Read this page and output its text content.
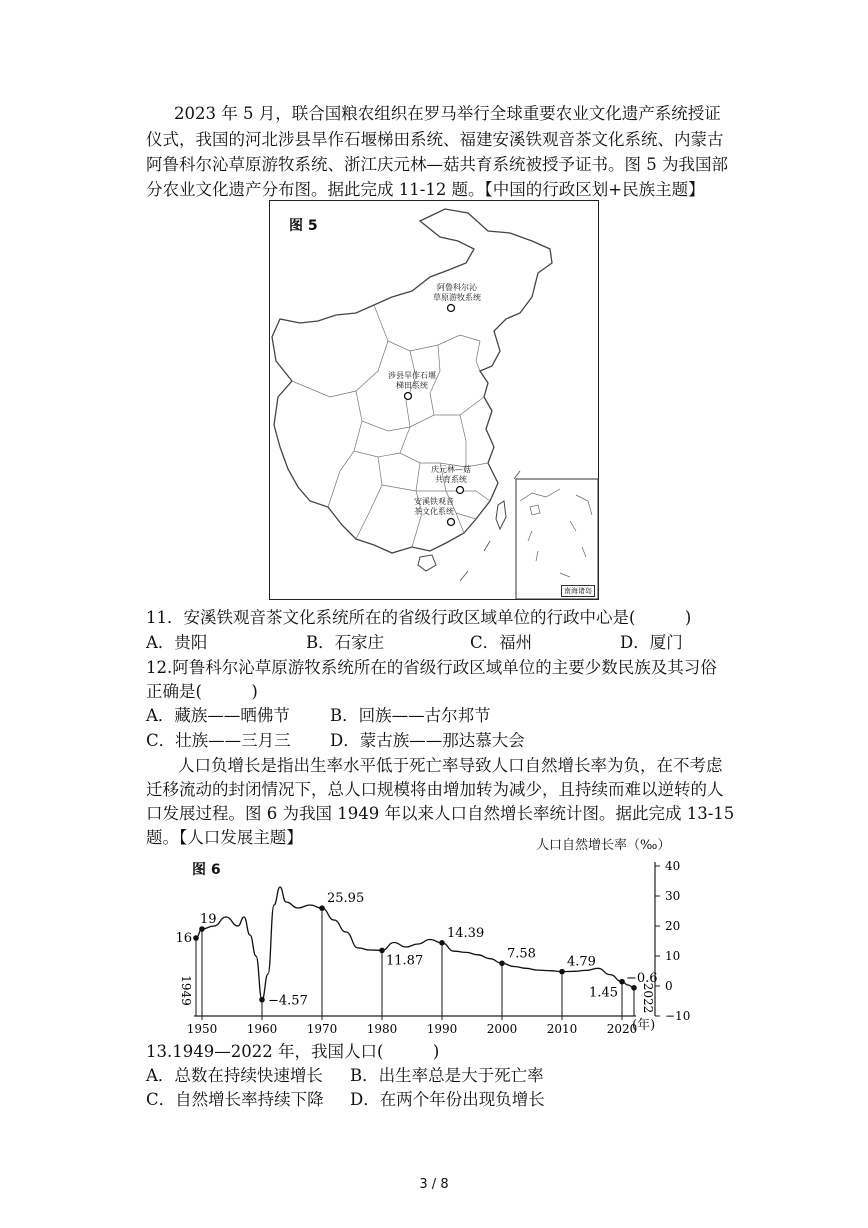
2023 年 5 月，联合国粮农组织在罗马举行全球重要农业文化遗产系统授证
仪式，我国的河北涉县旱作石堰梯田系统、福建安溪铁观音茶文化系统、内蒙古
阿鲁科尔沁草原游牧系统、浙江庆元林—菇共育系统被授予证书。图 5 为我国部
分农业文化遗产分布图。据此完成 11-12 题。【中国的行政区划+民族主题】
图 5
阿鲁科尔沁
草原游牧系统
涉县旱作石堰
梯田系统
庆元林—菇
共育系统
安溪铁观音
茶文化系统
南海诸岛
11．安溪铁观音茶文化系统所在的省级行政区域单位的行政中心是(　　　)
A．贵阳	B．石家庄	C．福州	D．厦门
12.阿鲁科尔沁草原游牧系统所在的省级行政区域单位的主要少数民族及其习俗
正确是(　　　)
A．藏族——晒佛节 B．回族——古尔邦节
C．壮族——三月三 D．蒙古族——那达慕大会
人口负增长是指出生率水平低于死亡率导致人口自然增长率为负，在不考虑
迁移流动的封闭情况下，总人口规模将由增加转为减少，且持续而难以逆转的人
口发展过程。图 6 为我国 1949 年以来人口自然增长率统计图。据此完成 13-15
题。【人口发展主题】
40
30
20
10
0
−10
1950 1960 1970 1980 1990 2000 2010 2020
16
19
−4.57
25.95
11.87
14.39
7.58
4.79
1.45
−0.6
1949	2022
图 6
人口自然增长率（‰）
(年)
13.1949—2022 年，我国人口(　　　)
A．总数在持续快速增长 B．出生率总是大于死亡率
C．自然增长率持续下降 D．在两个年份出现负增长
3 / 8
